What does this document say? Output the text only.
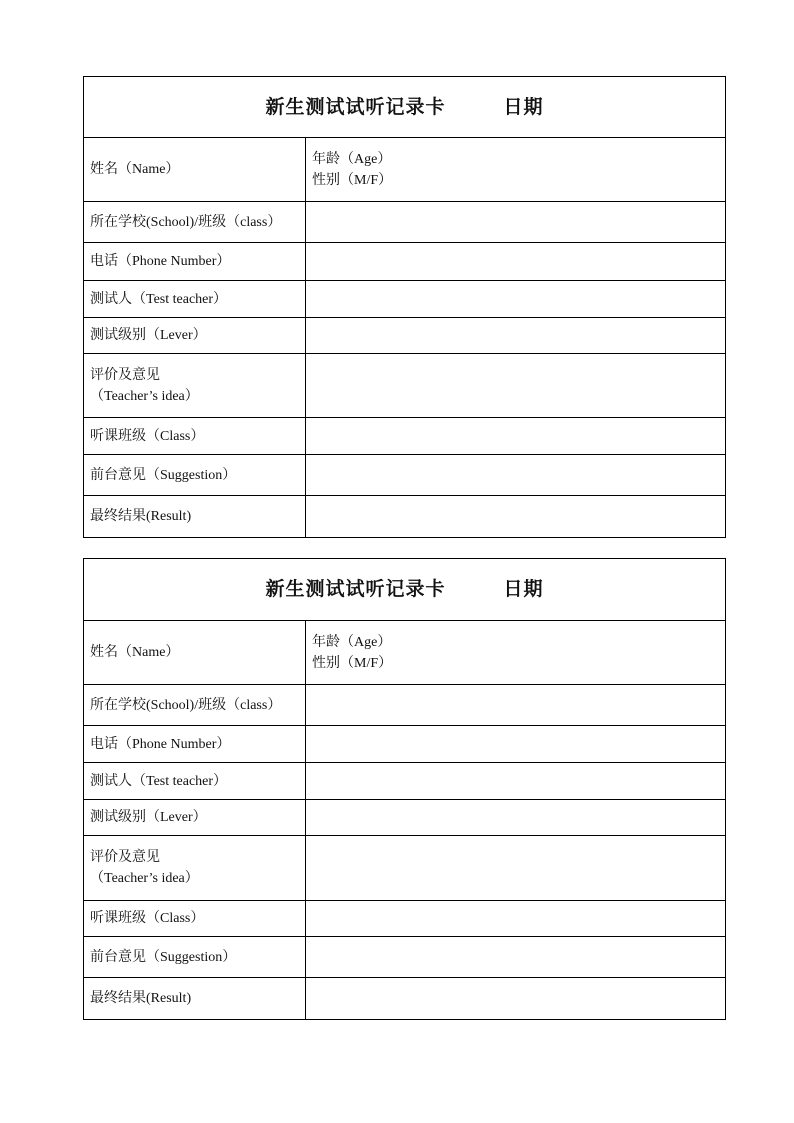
新生测试试听记录卡 日期	
姓名（Name）	年龄（Age）
性别（M/F）

所在学校(School)/班级（class）	
电话（Phone Number）	
测试人（Test teacher）	
测试级别（Lever）	

评价及意见
（Teacher’s idea）	

听课班级（Class）	
前台意见（Suggestion）	
最终结果(Result)	
新生测试试听记录卡 日期	
姓名（Name）	年龄（Age）
性别（M/F）

所在学校(School)/班级（class）	
电话（Phone Number）	
测试人（Test teacher）	
测试级别（Lever）	

评价及意见
（Teacher’s idea）	

听课班级（Class）	
前台意见（Suggestion）	
最终结果(Result)	
